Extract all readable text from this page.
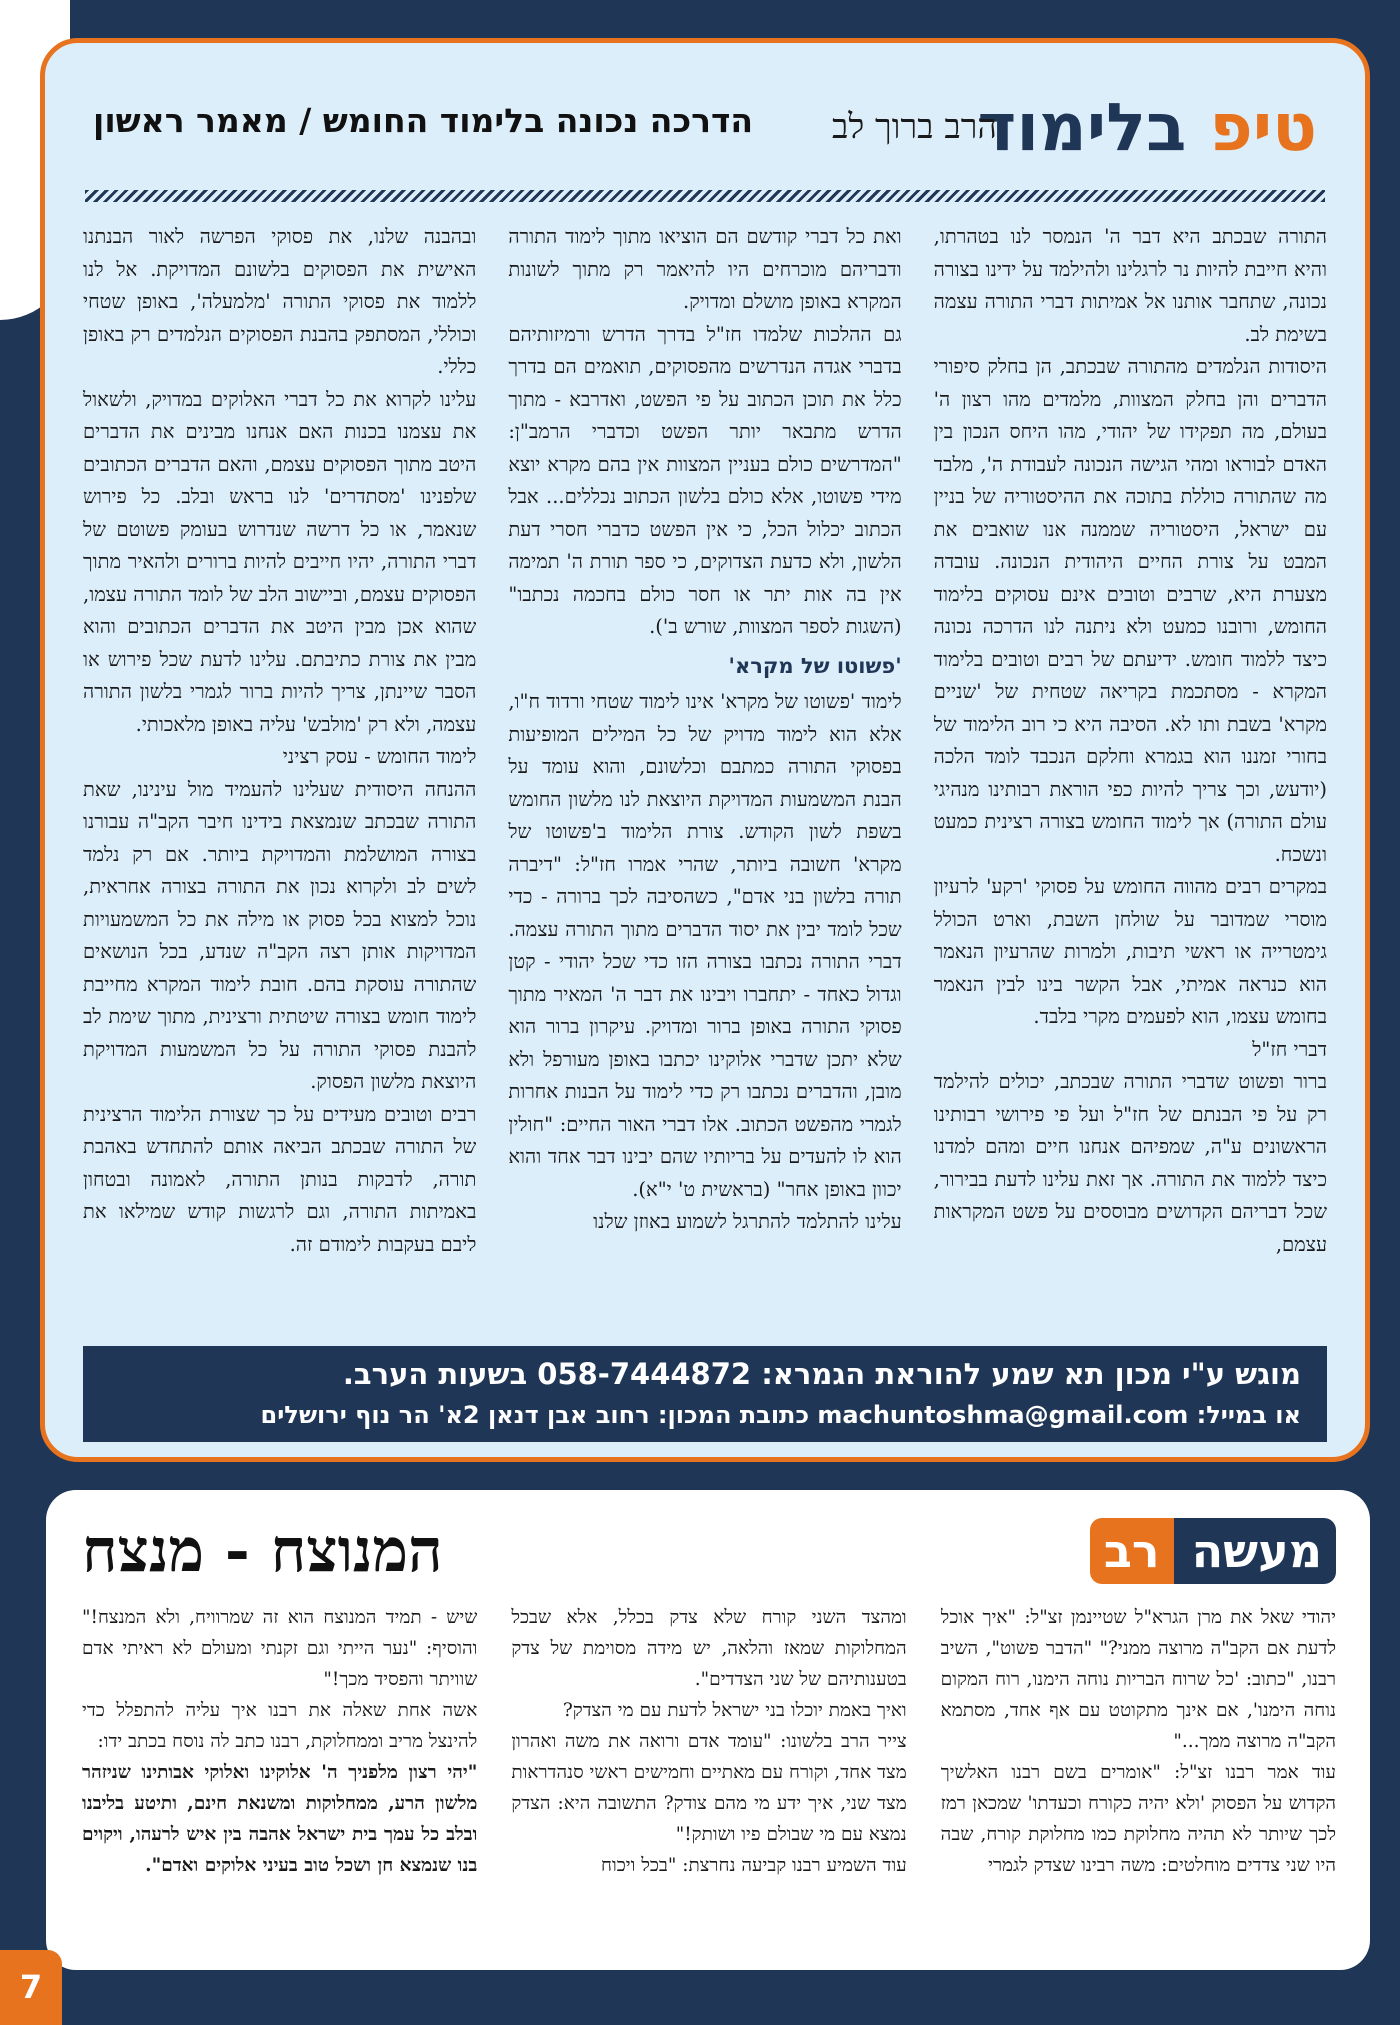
טיפ בלימוד
הרב ברוך לב
הדרכה נכונה בלימוד החומש / מאמר ראשון

התורה שבכתב היא דבר ה' הנמסר לנו בטהרתו, והיא חייבת להיות נר לרגלינו ולהילמד על ידינו בצורה נכונה, שתחבר אותנו אל אמיתות דברי התורה עצמה בשימת לב.

היסודות הנלמדים מהתורה שבכתב, הן בחלק סיפורי הדברים והן בחלק המצוות, מלמדים מהו רצון ה' בעולם, מה תפקידו של יהודי, מהו היחס הנכון בין האדם לבוראו ומהי הגישה הנכונה לעבודת ה', מלבד מה שהתורה כוללת בתוכה את ההיסטוריה של בניין עם ישראל, היסטוריה שממנה אנו שואבים את המבט על צורת החיים היהודית הנכונה. עובדה מצערת היא, שרבים וטובים אינם עסוקים בלימוד החומש, ורובנו כמעט ולא ניתנה לנו הדרכה נכונה כיצד ללמוד חומש. ידיעתם של רבים וטובים בלימוד המקרא - מסתכמת בקריאה שטחית של 'שניים מקרא' בשבת ותו לא. הסיבה היא כי רוב הלימוד של בחורי זמננו הוא בגמרא וחלקם הנכבד לומד הלכה (יודעש, וכך צריך להיות כפי הוראת רבותינו מנהיגי עולם התורה) אך לימוד החומש בצורה רצינית כמעט ונשכח.

במקרים רבים מהווה החומש על פסוקי 'רקע' לרעיון מוסרי שמדובר על שולחן השבת, וארט הכולל גימטרייה או ראשי תיבות, ולמרות שהרעיון הנאמר הוא כנראה אמיתי, אבל הקשר בינו לבין הנאמר בחומש עצמו, הוא לפעמים מקרי בלבד.

דברי חז"ל

ברור ופשוט שדברי התורה שבכתב, יכולים להילמד רק על פי הבנתם של חז"ל ועל פי פירושי רבותינו הראשונים ע"ה, שמפיהם אנחנו חיים ומהם למדנו כיצד ללמוד את התורה. אך זאת עלינו לדעת בבירור, שכל דבריהם הקדושים מבוססים על פשט המקראות עצמם,

ואת כל דברי קודשם הם הוציאו מתוך לימוד התורה ודבריהם מוכרחים היו להיאמר רק מתוך לשונות המקרא באופן מושלם ומדויק.

גם ההלכות שלמדו חז"ל בדרך הדרש ורמיזותיהם בדברי אגדה הנדרשים מהפסוקים, תואמים הם בדרך כלל את תוכן הכתוב על פי הפשט, ואדרבא - מתוך הדרש מתבאר יותר הפשט וכדברי הרמב"ן: "המדרשים כולם בעניין המצוות אין בהם מקרא יוצא מידי פשוטו, אלא כולם בלשון הכתוב נכללים... אבל הכתוב יכלול הכל, כי אין הפשט כדברי חסרי דעת הלשון, ולא כדעת הצדוקים, כי ספר תורת ה' תמימה אין בה אות יתר או חסר כולם בחכמה נכתבו" (השגות לספר המצוות, שורש ב').

'פשוטו של מקרא'

לימוד 'פשוטו של מקרא' אינו לימוד שטחי ורדוד ח"ו, אלא הוא לימוד מדויק של כל המילים המופיעות בפסוקי התורה כמתבם וכלשונם, והוא עומד על הבנת המשמעות המדויקת היוצאת לנו מלשון החומש בשפת לשון הקודש. צורת הלימוד ב'פשוטו של מקרא' חשובה ביותר, שהרי אמרו חז"ל: "דיברה תורה בלשון בני אדם", כשהסיבה לכך ברורה - כדי שכל לומד יבין את יסוד הדברים מתוך התורה עצמה. דברי התורה נכתבו בצורה הזו כדי שכל יהודי - קטן וגדול כאחד - יתחברו ויבינו את דבר ה' המאיר מתוך פסוקי התורה באופן ברור ומדויק. עיקרון ברור הוא שלא יתכן שדברי אלוקינו יכתבו באופן מעורפל ולא מובן, והדברים נכתבו רק כדי לימוד על הבנות אחרות לגמרי מהפשט הכתוב. אלו דברי האור החיים: "חולין הוא לו להעדים על בריותיו שהם יבינו דבר אחד והוא יכוון באופן אחר" (בראשית ט' י"א).

עלינו להתלמד להתרגל לשמוע באוזן שלנו

ובהבנה שלנו, את פסוקי הפרשה לאור הבנתנו האישית את הפסוקים בלשונם המדויקת. אל לנו ללמוד את פסוקי התורה 'מלמעלה', באופן שטחי וכוללי, המסתפק בהבנת הפסוקים הנלמדים רק באופן כללי.

עלינו לקרוא את כל דברי האלוקים במדויק, ולשאול את עצמנו בכנות האם אנחנו מבינים את הדברים היטב מתוך הפסוקים עצמם, והאם הדברים הכתובים שלפנינו 'מסתדרים' לנו בראש ובלב. כל פירוש שנאמר, או כל דרשה שנדרוש בעומק פשוטם של דברי התורה, יהיו חייבים להיות ברורים ולהאיר מתוך הפסוקים עצמם, וביישוב הלב של לומד התורה עצמו, שהוא אכן מבין היטב את הדברים הכתובים והוא מבין את צורת כתיבתם. עלינו לדעת שכל פירוש או הסבר שיינתן, צריך להיות ברור לגמרי בלשון התורה עצמה, ולא רק 'מולבש' עליה באופן מלאכותי.

לימוד החומש - עסק רציני

ההנחה היסודית שעלינו להעמיד מול עינינו, שאת התורה שבכתב שנמצאת בידינו חיבר הקב"ה עבורנו בצורה המושלמת והמדויקת ביותר. אם רק נלמד לשים לב ולקרוא נכון את התורה בצורה אחראית, נוכל למצוא בכל פסוק או מילה את כל המשמעויות המדויקות אותן רצה הקב"ה שנדע, בכל הנושאים שהתורה עוסקת בהם. חובת לימוד המקרא מחייבת לימוד חומש בצורה שיטתית ורצינית, מתוך שימת לב להבנת פסוקי התורה על כל המשמעות המדויקת היוצאת מלשון הפסוק.

רבים וטובים מעידים על כך שצורת הלימוד הרצינית של התורה שבכתב הביאה אותם להתחדש באהבת תורה, לדבקות בנותן התורה, לאמונה ובטחון באמיתות התורה, וגם לרגשות קודש שמילאו את ליבם בעקבות לימודם זה.

מוגש ע"י מכון תא שמע להוראת הגמרא: 058-7444872 בשעות הערב.
או במייל: machuntoshma@gmail.com כתובת המכון: רחוב אבן דנאן 2א' הר נוף ירושלים
מעשה
רב
המנוצח - מנצח

יהודי שאל את מרן הגרא"ל שטיינמן זצ"ל: "איך אוכל לדעת אם הקב"ה מרוצה ממני?" "הדבר פשוט", השיב רבנו, "כתוב: 'כל שרוח הבריות נוחה הימנו, רוח המקום נוחה הימנו', אם אינך מתקוטט עם אף אחד, מסתמא הקב"ה מרוצה ממך..."

עוד אמר רבנו זצ"ל: "אומרים בשם רבנו האלשיך הקדוש על הפסוק 'ולא יהיה כקורח וכעדתו' שמכאן רמז לכך שיותר לא תהיה מחלוקת כמו מחלוקת קורח, שבה היו שני צדדים מוחלטים: משה רבינו שצדק לגמרי

ומהצד השני קורח שלא צדק בכלל, אלא שבכל המחלוקות שמאז והלאה, יש מידה מסוימת של צדק בטענותיהם של שני הצדדים".

ואיך באמת יוכלו בני ישראל לדעת עם מי הצדק?

צייר הרב בלשונו: "עומד אדם ורואה את משה ואהרון מצד אחד, וקורח עם מאתיים וחמישים ראשי סנהדראות מצד שני, איך ידע מי מהם צודק? התשובה היא: הצדק נמצא עם מי שבולם פיו ושותק!"

עוד השמיע רבנו קביעה נחרצת: "בכל ויכוח

שיש - תמיד המנוצח הוא זה שמרוויח, ולא המנצח!" והוסיף: "נער הייתי וגם זקנתי ומעולם לא ראיתי אדם שוויתר והפסיד מכך!"

אשה אחת שאלה את רבנו איך עליה להתפלל כדי להינצל מריב וממחלוקת, רבנו כתב לה נוסח בכתב ידו:

"יהי רצון מלפניך ה' אלוקינו ואלוקי אבותינו שניזהר מלשון הרע, ממחלוקות ומשנאת חינם, ותיטע בליבנו ובלב כל עמך בית ישראל אהבה בין איש לרעהו, ויקוים בנו שנמצא חן ושכל טוב בעיני אלוקים ואדם".

7
